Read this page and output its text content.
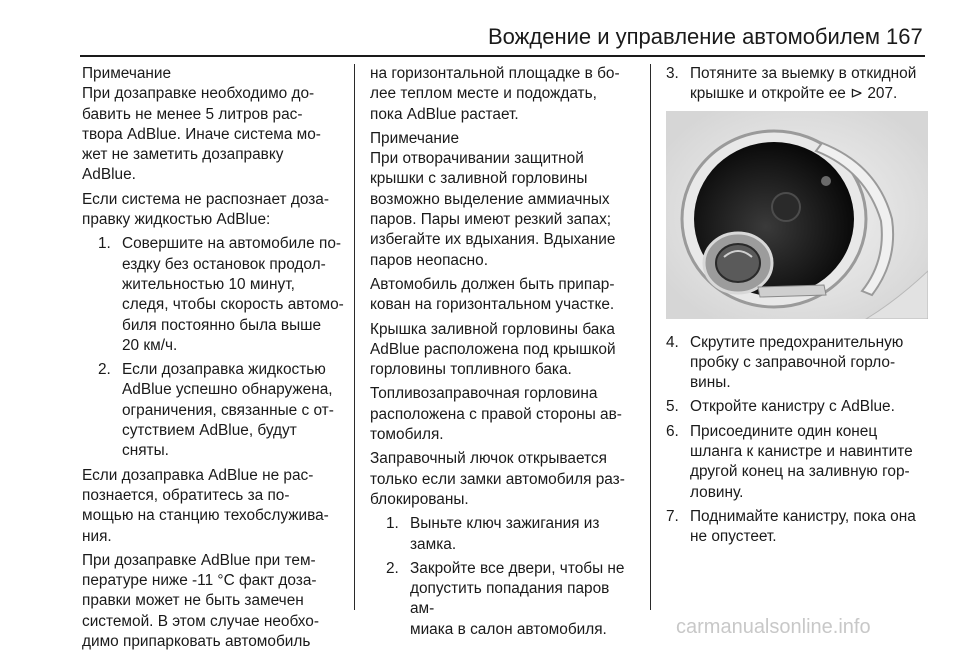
Вождение и управление автомобилем 167
Примечание

При дозаправке необходимо до-
бавить не менее 5 литров рас-
твора AdBlue. Иначе система мо-
жет не заметить дозаправку
AdBlue.

Если система не распознает доза-
правку жидкостью AdBlue:

1. Совершите на автомобиле по-
ездку без остановок продол-
жительностью 10 минут,
следя, чтобы скорость автомо-
биля постоянно была выше
20 км/ч.
2. Если дозаправка жидкостью
AdBlue успешно обнаружена,
ограничения, связанные с от-
сутствием AdBlue, будут
сняты.

Если дозаправка AdBlue не рас-
познается, обратитесь за по-
мощью на станцию техобслужива-
ния.

При дозаправке AdBlue при тем-
пературе ниже -11 °C факт доза-
правки может не быть замечен
системой. В этом случае необхо-
димо припарковать автомобиль

на горизонтальной площадке в бо-
лее теплом месте и подождать,
пока AdBlue растает.

Примечание

При отворачивании защитной
крышки с заливной горловины
возможно выделение аммиачных
паров. Пары имеют резкий запах;
избегайте их вдыхания. Вдыхание
паров неопасно.

Автомобиль должен быть припар-
кован на горизонтальном участке.

Крышка заливной горловины бака
AdBlue расположена под крышкой
горловины топливного бака.

Топливозаправочная горловина
расположена с правой стороны ав-
томобиля.

Заправочный лючок открывается
только если замки автомобиля раз-
блокированы.

1. Выньте ключ зажигания из
замка.
2. Закройте все двери, чтобы не
допустить попадания паров ам-
миака в салон автомобиля.
3. Потяните за выемку в откидной
крышке и откройте ее ⊳ 207.
4. Скрутите предохранительную
пробку с заправочной горло-
вины.
5. Откройте канистру с AdBlue.
6. Присоедините один конец
шланга к канистре и навинтите
другой конец на заливную гор-
ловину.
7. Поднимайте канистру, пока она
не опустеет.
carmanualsonline.info
